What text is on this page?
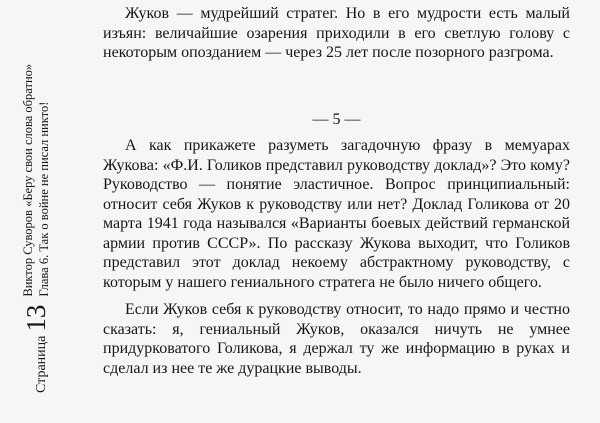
Страница
13
Виктор Суворов «Беру свои слова обратно» Глава 6. Так о войне не писал никто!

Жуков — мудрейший стратег. Но в его мудрости есть малый изъян: величайшие озарения приходили в его светлую голову с некоторым опозданием — через 25 лет после позорного разгрома.

— 5 —

А как прикажете разуметь загадочную фразу в мемуарах Жукова: «Ф.И. Голиков представил руководству доклад»? Это кому? Руководство — понятие эластичное. Вопрос принципиальный: относит себя Жуков к руководству или нет? Доклад Голикова от 20 марта 1941 года назывался «Варианты боевых действий германской армии против СССР». По рассказу Жукова выходит, что Голиков представил этот доклад некоему абстрактному руководству, с которым у нашего гениального стратега не было ничего общего.

Если Жуков себя к руководству относит, то надо прямо и честно сказать: я, гениальный Жуков, оказался ничуть не умнее придурковатого Голикова, я держал ту же информацию в руках и сделал из нее те же дурацкие выводы.
